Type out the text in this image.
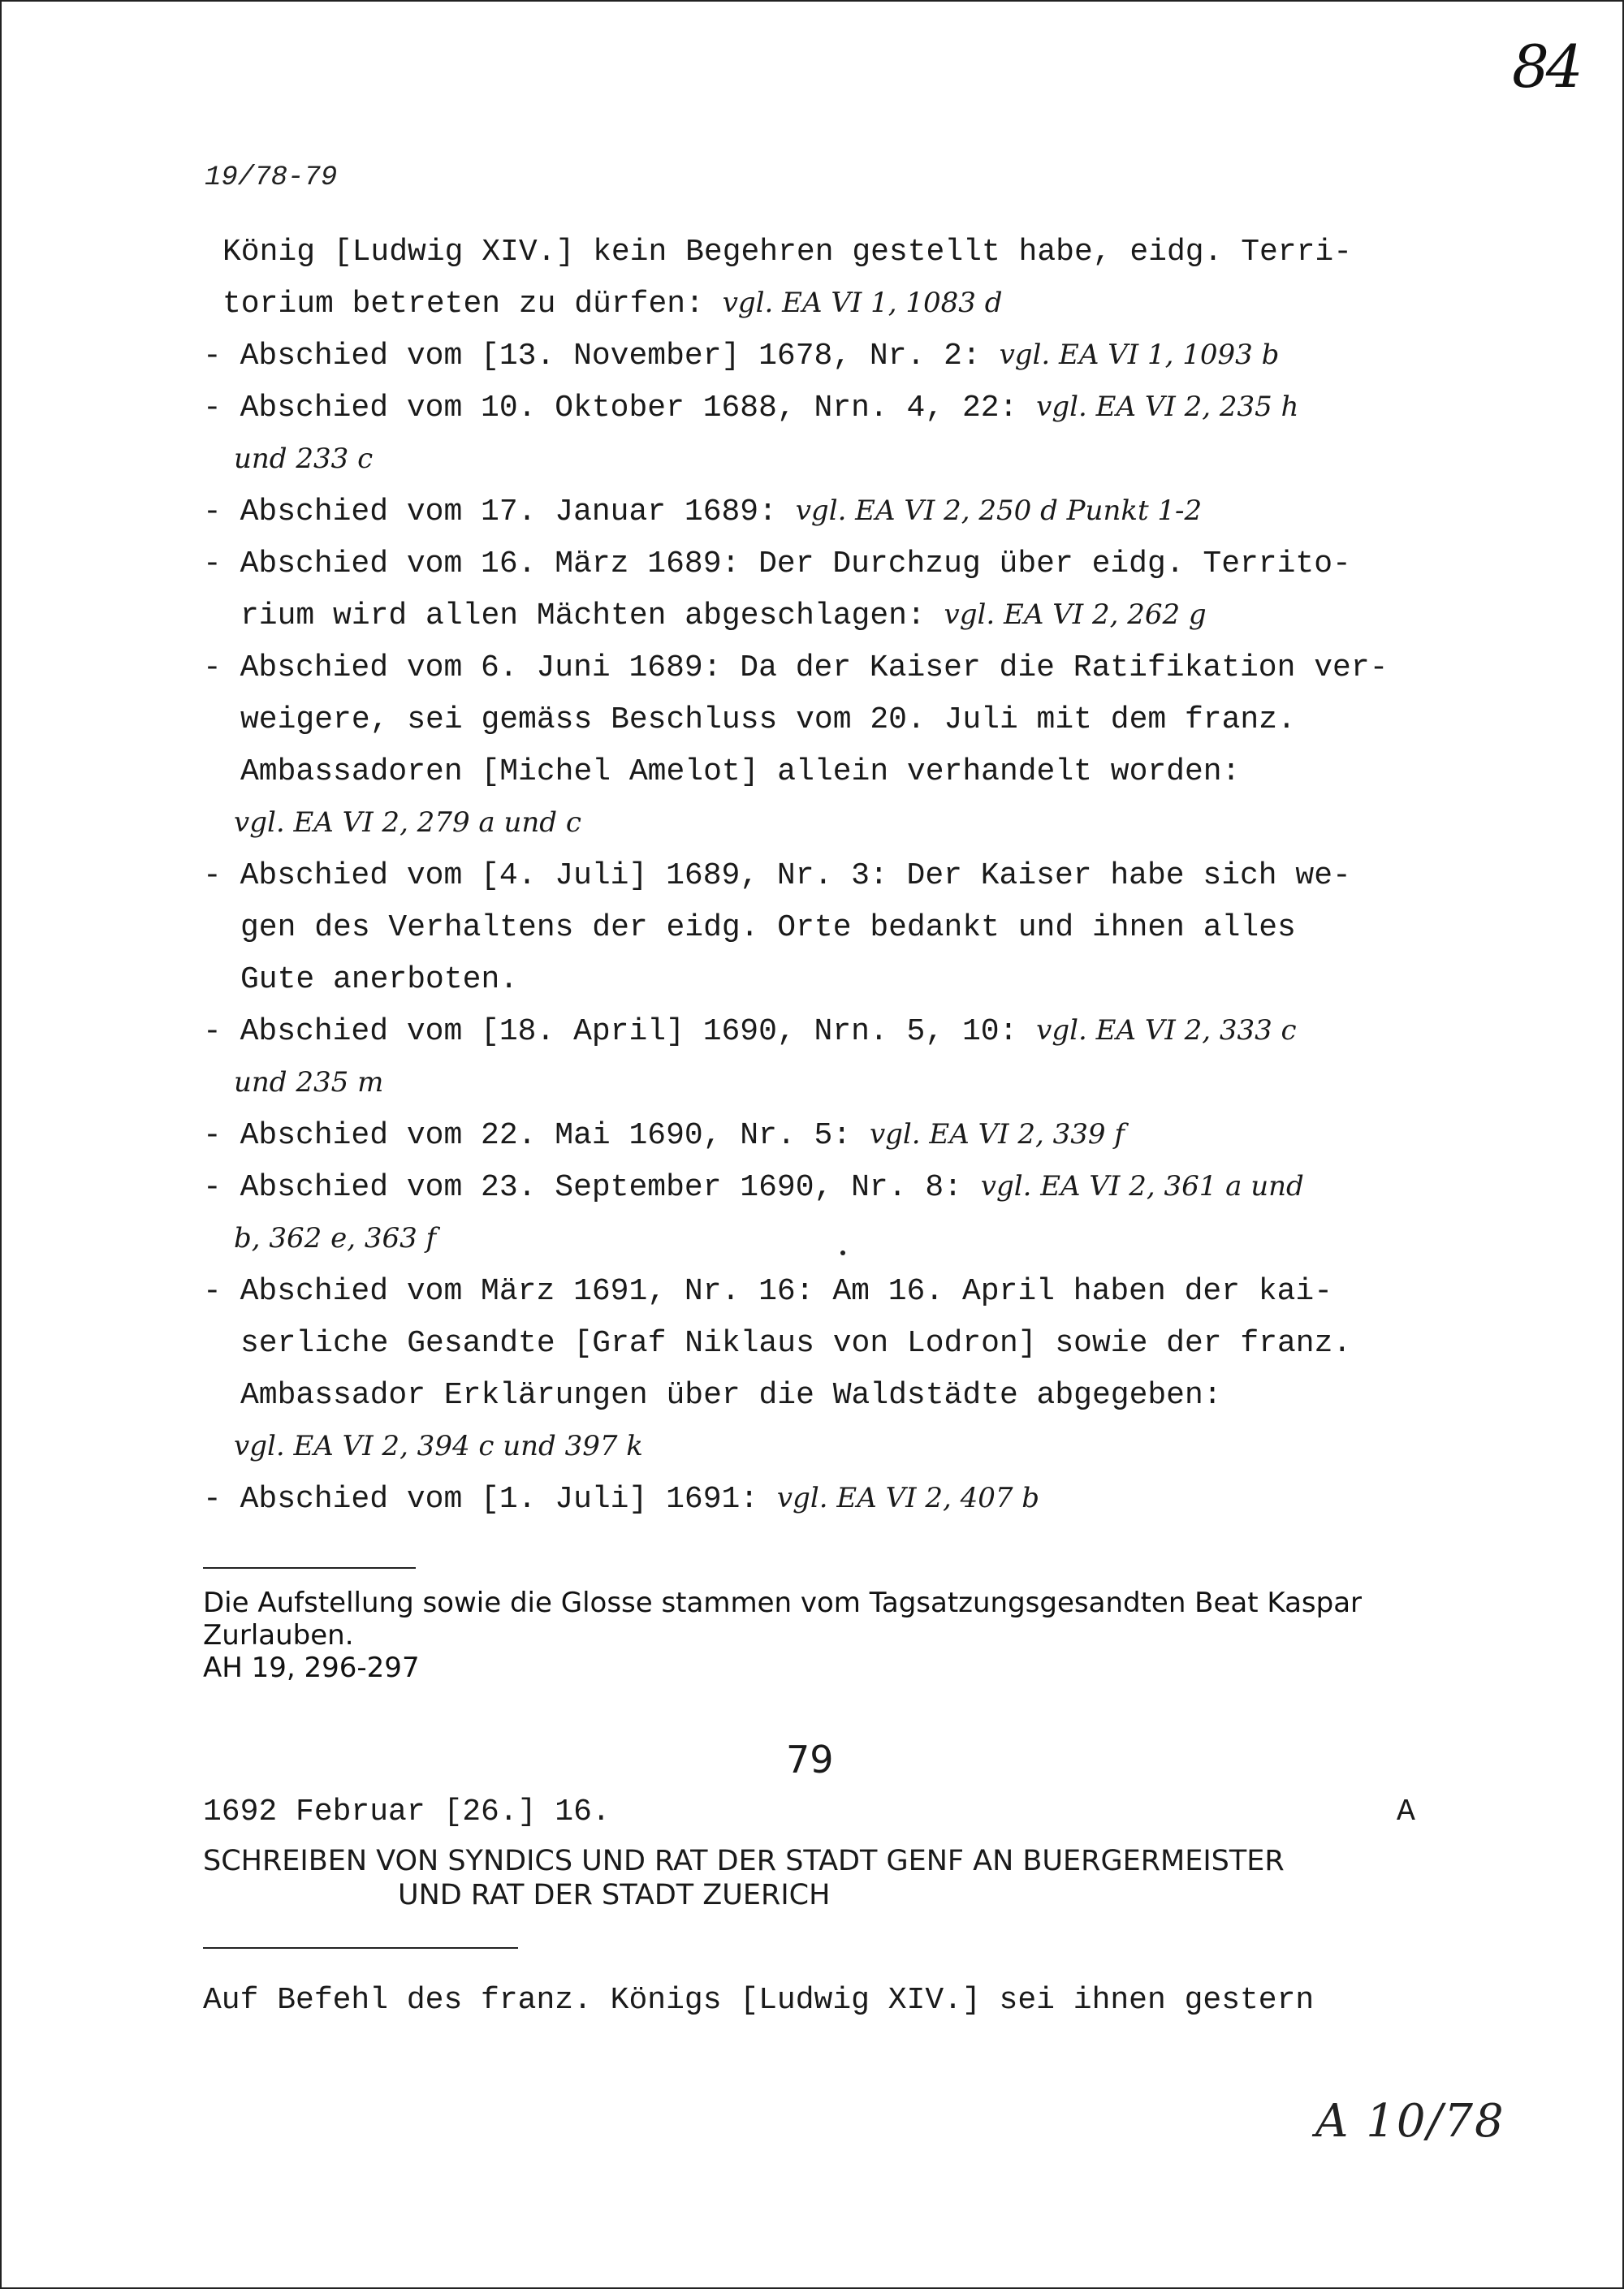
84
19/78-79
König [Ludwig XIV.] kein Begehren gestellt habe, eidg. Terri-
torium betreten zu dürfen: vgl. EA VI 1, 1083 d
- Abschied vom [13. November] 1678, Nr. 2: vgl. EA VI 1, 1093 b
- Abschied vom 10. Oktober 1688, Nrn. 4, 22: vgl. EA VI 2, 235 h
und 233 c
- Abschied vom 17. Januar 1689: vgl. EA VI 2, 250 d Punkt 1-2
- Abschied vom 16. März 1689: Der Durchzug über eidg. Territo-
rium wird allen Mächten abgeschlagen: vgl. EA VI 2, 262 g
- Abschied vom 6. Juni 1689: Da der Kaiser die Ratifikation ver-
weigere, sei gemäss Beschluss vom 20. Juli mit dem franz.
Ambassadoren [Michel Amelot] allein verhandelt worden:
vgl. EA VI 2, 279 a und c
- Abschied vom [4. Juli] 1689, Nr. 3: Der Kaiser habe sich we-
gen des Verhaltens der eidg. Orte bedankt und ihnen alles
Gute anerboten.
- Abschied vom [18. April] 1690, Nrn. 5, 10: vgl. EA VI 2, 333 c
und 235 m
- Abschied vom 22. Mai 1690, Nr. 5: vgl. EA VI 2, 339 f
- Abschied vom 23. September 1690, Nr. 8: vgl. EA VI 2, 361 a und
b, 362 e, 363 f
- Abschied vom März 1691, Nr. 16: Am 16. April haben der kai-
serliche Gesandte [Graf Niklaus von Lodron] sowie der franz.
Ambassador Erklärungen über die Waldstädte abgegeben:
vgl. EA VI 2, 394 c und 397 k
- Abschied vom [1. Juli] 1691: vgl. EA VI 2, 407 b
Die Aufstellung sowie die Glosse stammen vom Tagsatzungsgesandten Beat Kaspar
Zurlauben.
AH 19, 296-297
79
1692 Februar [26.] 16.	A
SCHREIBEN VON SYNDICS UND RAT DER STADT GENF AN BUERGERMEISTER
UND RAT DER STADT ZUERICH
Auf Befehl des franz. Königs [Ludwig XIV.] sei ihnen gestern
A 10/78
